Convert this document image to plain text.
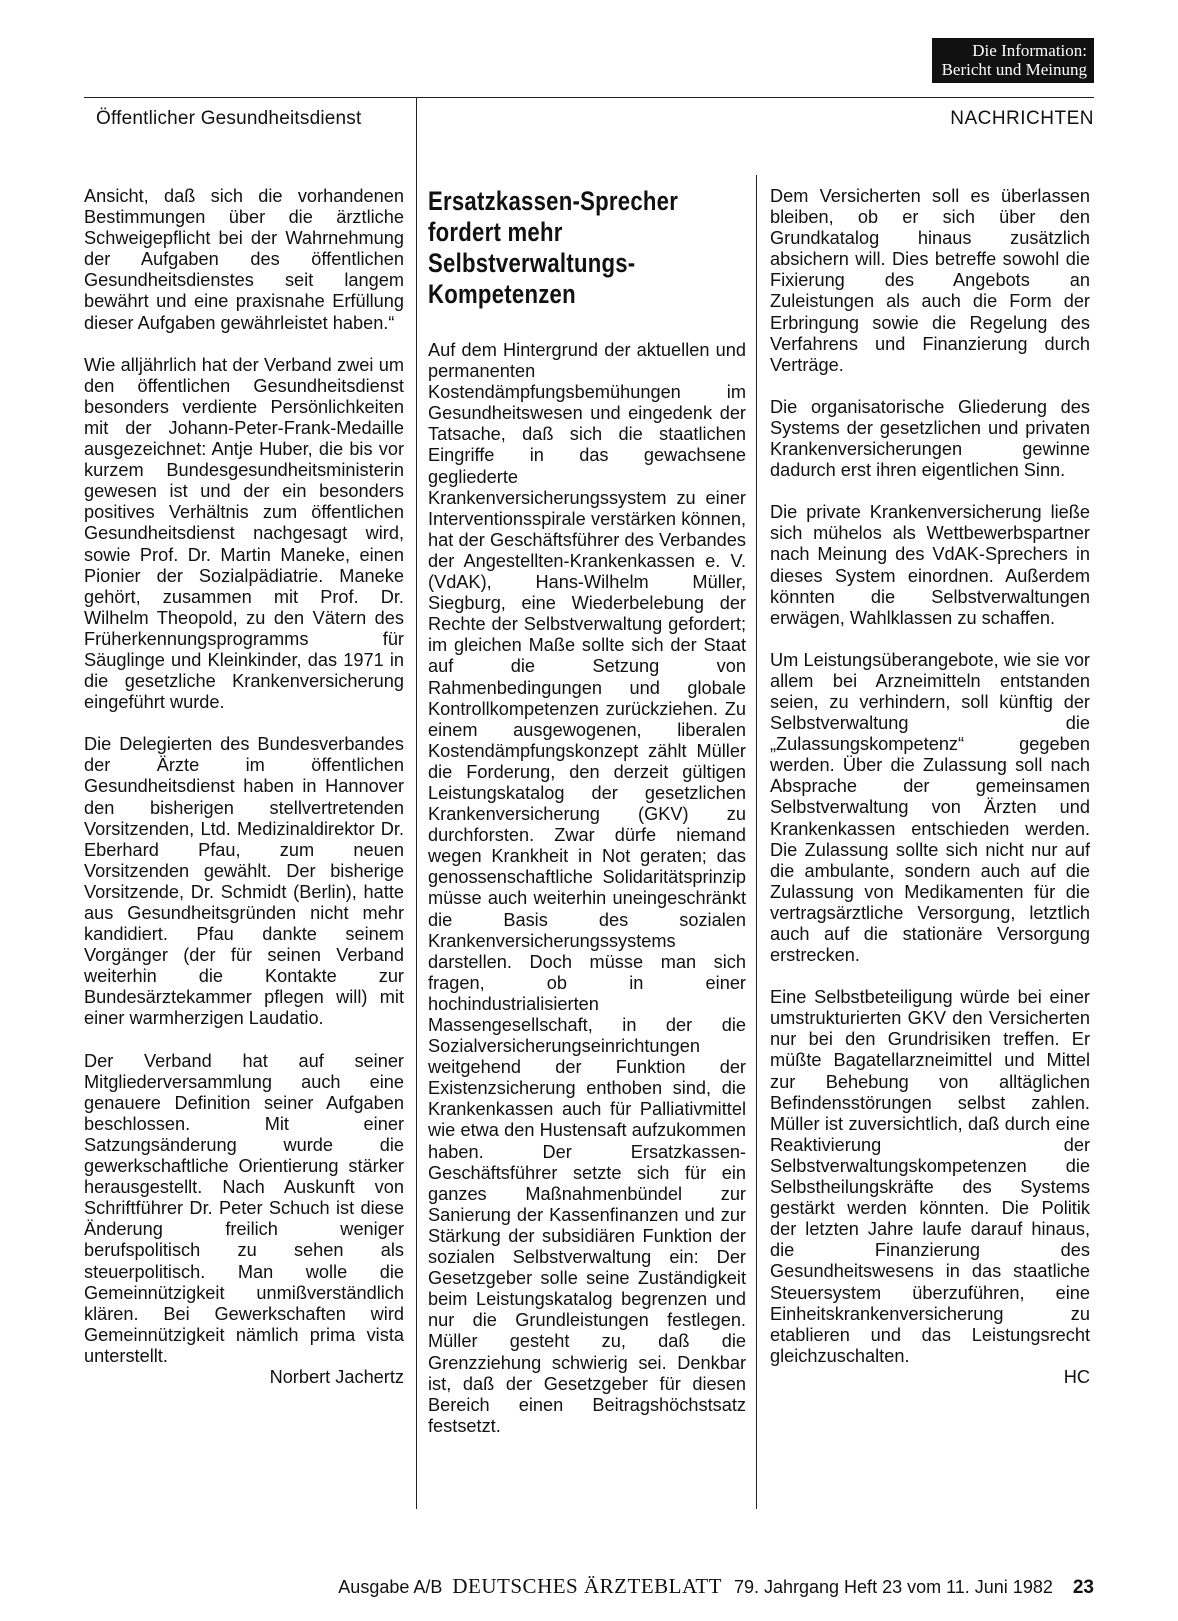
Die Information:
Bericht und Meinung
Öffentlicher Gesundheitsdienst	NACHRICHTEN

Ansicht, daß sich die vorhandenen Bestimmungen über die ärztliche Schweigepflicht bei der Wahrnehmung der Aufgaben des öffentlichen Gesundheitsdienstes seit langem bewährt und eine praxisnahe Erfüllung dieser Aufgaben gewährleistet haben.“

Wie alljährlich hat der Verband zwei um den öffentlichen Gesundheitsdienst besonders verdiente Persönlichkeiten mit der Johann-Peter-Frank-Medaille ausgezeichnet: Antje Huber, die bis vor kurzem Bundesgesundheitsministerin gewesen ist und der ein besonders positives Verhältnis zum öffentlichen Gesundheitsdienst nachgesagt wird, sowie Prof. Dr. Martin Maneke, einen Pionier der Sozialpädiatrie. Maneke gehört, zusammen mit Prof. Dr. Wilhelm Theopold, zu den Vätern des Früherkennungsprogramms für Säuglinge und Kleinkinder, das 1971 in die gesetzliche Krankenversicherung eingeführt wurde.

Die Delegierten des Bundesverbandes der Ärzte im öffentlichen Gesundheitsdienst haben in Hannover den bisherigen stellvertretenden Vorsitzenden, Ltd. Medizinaldirektor Dr. Eberhard Pfau, zum neuen Vorsitzenden gewählt. Der bisherige Vorsitzende, Dr. Schmidt (Berlin), hatte aus Gesundheitsgründen nicht mehr kandidiert. Pfau dankte seinem Vorgänger (der für seinen Verband weiterhin die Kontakte zur Bundesärztekammer pflegen will) mit einer warmherzigen Laudatio.

Der Verband hat auf seiner Mitgliederversammlung auch eine genauere Definition seiner Aufgaben beschlossen. Mit einer Satzungsänderung wurde die gewerkschaftliche Orientierung stärker herausgestellt. Nach Auskunft von Schriftführer Dr. Peter Schuch ist diese Änderung freilich weniger berufspolitisch zu sehen als steuerpolitisch. Man wolle die Gemeinnützigkeit unmißverständlich klären. Bei Gewerkschaften wird Gemeinnützigkeit nämlich prima vista unterstellt.

Norbert Jachertz
Ersatzkassen-Sprecher fordert mehr Selbstverwaltungs-Kompetenzen

Auf dem Hintergrund der aktuellen und permanenten Kostendämpfungsbemühungen im Gesundheitswesen und eingedenk der Tatsache, daß sich die staatlichen Eingriffe in das gewachsene gegliederte Krankenversicherungssystem zu einer Interventionsspirale verstärken können, hat der Geschäftsführer des Verbandes der Angestellten-Krankenkassen e. V. (VdAK), Hans-Wilhelm Müller, Siegburg, eine Wiederbelebung der Rechte der Selbstverwaltung gefordert; im gleichen Maße sollte sich der Staat auf die Setzung von Rahmenbedingungen und globale Kontrollkompetenzen zurückziehen. Zu einem ausgewogenen, liberalen Kostendämpfungskonzept zählt Müller die Forderung, den derzeit gültigen Leistungskatalog der gesetzlichen Krankenversicherung (GKV) zu durchforsten. Zwar dürfe niemand wegen Krankheit in Not geraten; das genossenschaftliche Solidaritätsprinzip müsse auch weiterhin uneingeschränkt die Basis des sozialen Krankenversicherungssystems darstellen. Doch müsse man sich fragen, ob in einer hochindustrialisierten Massengesellschaft, in der die Sozialversicherungseinrichtungen weitgehend der Funktion der Existenzsicherung enthoben sind, die Krankenkassen auch für Palliativmittel wie etwa den Hustensaft aufzukommen haben. Der Ersatzkassen-Geschäftsführer setzte sich für ein ganzes Maßnahmenbündel zur Sanierung der Kassenfinanzen und zur Stärkung der subsidiären Funktion der sozialen Selbstverwaltung ein: Der Gesetzgeber solle seine Zuständigkeit beim Leistungskatalog begrenzen und nur die Grundleistungen festlegen. Müller gesteht zu, daß die Grenzziehung schwierig sei. Denkbar ist, daß der Gesetzgeber für diesen Bereich einen Beitragshöchstsatz festsetzt.

Dem Versicherten soll es überlassen bleiben, ob er sich über den Grundkatalog hinaus zusätzlich absichern will. Dies betreffe sowohl die Fixierung des Angebots an Zuleistungen als auch die Form der Erbringung sowie die Regelung des Verfahrens und Finanzierung durch Verträge.

Die organisatorische Gliederung des Systems der gesetzlichen und privaten Krankenversicherungen gewinne dadurch erst ihren eigentlichen Sinn.

Die private Krankenversicherung ließe sich mühelos als Wettbewerbspartner nach Meinung des VdAK-Sprechers in dieses System einordnen. Außerdem könnten die Selbstverwaltungen erwägen, Wahlklassen zu schaffen.

Um Leistungsüberangebote, wie sie vor allem bei Arzneimitteln entstanden seien, zu verhindern, soll künftig der Selbstverwaltung die „Zulassungskompetenz“ gegeben werden. Über die Zulassung soll nach Absprache der gemeinsamen Selbstverwaltung von Ärzten und Krankenkassen entschieden werden. Die Zulassung sollte sich nicht nur auf die ambulante, sondern auch auf die Zulassung von Medikamenten für die vertragsärztliche Versorgung, letztlich auch auf die stationäre Versorgung erstrecken.

Eine Selbstbeteiligung würde bei einer umstrukturierten GKV den Versicherten nur bei den Grundrisiken treffen. Er müßte Bagatellarzneimittel und Mittel zur Behebung von alltäglichen Befindensstörungen selbst zahlen. Müller ist zuversichtlich, daß durch eine Reaktivierung der Selbstverwaltungskompetenzen die Selbstheilungskräfte des Systems gestärkt werden könnten. Die Politik der letzten Jahre laufe darauf hinaus, die Finanzierung des Gesundheitswesens in das staatliche Steuersystem überzuführen, eine Einheitskrankenversicherung zu etablieren und das Leistungsrecht gleichzuschalten.

HC
Ausgabe A/B DEUTSCHES ÄRZTEBLATT 79. Jahrgang Heft 23 vom 11. Juni 1982 23
